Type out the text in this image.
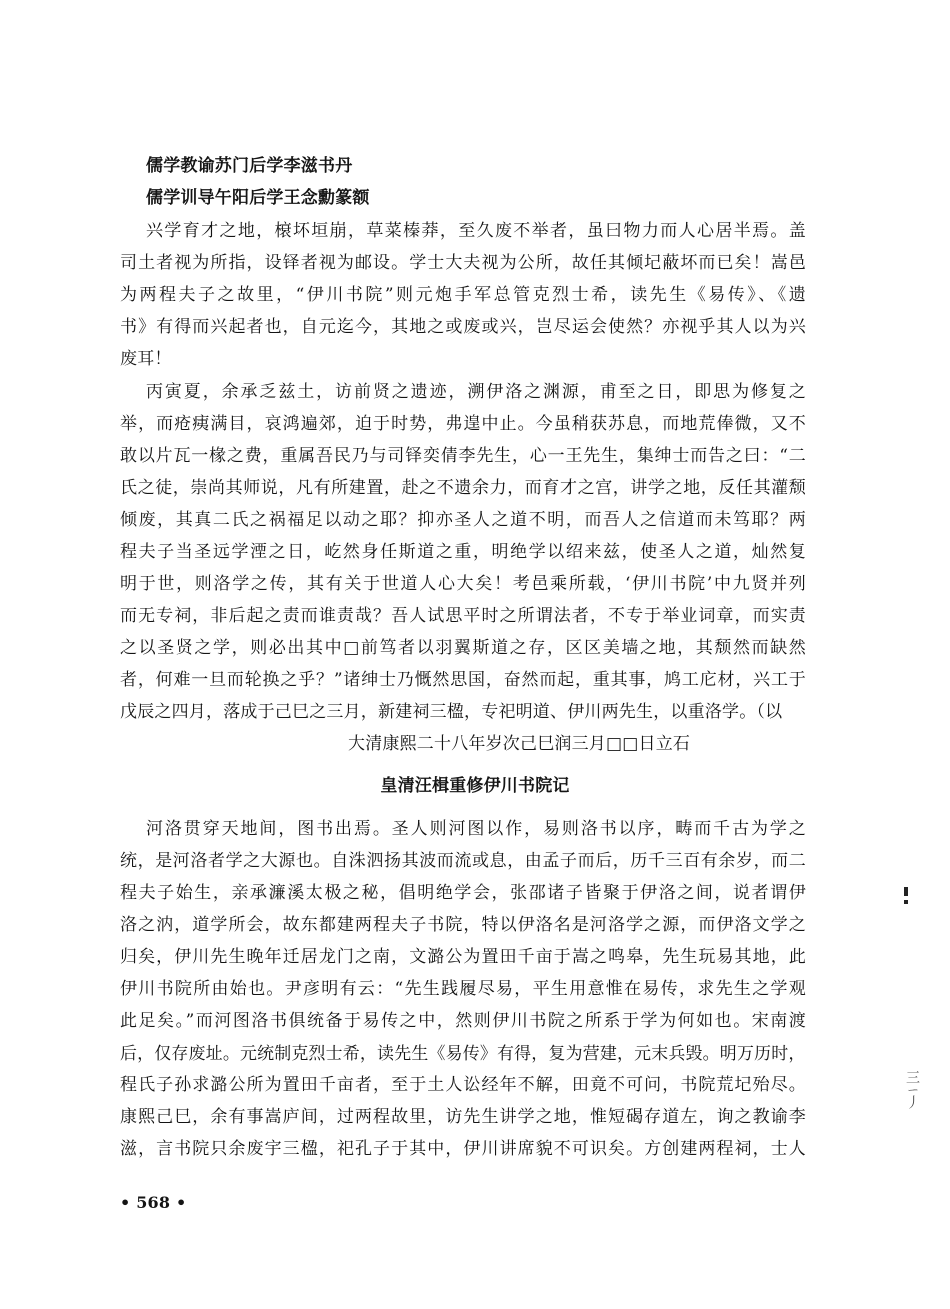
儒学教谕苏门后学李滋书丹

儒学训导午阳后学王念勳篆额

兴学育才之地，榱坏垣崩，草菜榛莽，至久废不举者，虽曰物力而人心居半焉。盖

司土者视为所指，设铎者视为邮设。学士大夫视为公所，故任其倾圮蔽坏而已矣！嵩邑

为两程夫子之故里，“伊川书院”则元炮手军总管克烈士希，读先生《易传》、《遗

书》有得而兴起者也，自元迄今，其地之或废或兴，岂尽运会使然？亦视乎其人以为兴

废耳！

丙寅夏，余承乏兹土，访前贤之遗迹，溯伊洛之渊源，甫至之日，即思为修复之

举，而疮痍满目，哀鸿遍郊，迫于时势，弗遑中止。今虽稍获苏息，而地荒俸微，又不

敢以片瓦一椽之费，重属吾民乃与司铎奕倩李先生，心一王先生，集绅士而告之曰：“二

氏之徒，崇尚其师说，凡有所建置，赴之不遗余力，而育才之宫，讲学之地，反任其灌颓

倾废，其真二氏之祸福足以动之耶？抑亦圣人之道不明，而吾人之信道而未笃耶？两

程夫子当圣远学湮之日，屹然身任斯道之重，明绝学以绍来兹，使圣人之道，灿然复

明于世，则洛学之传，其有关于世道人心大矣！考邑乘所载，‘伊川书院’中九贤并列

而无专祠，非后起之责而谁责哉？吾人试思平时之所谓法者，不专于举业词章，而实责

之以圣贤之学，则必出其中□前笃者以羽翼斯道之存，区区美墙之地，其颓然而缺然

者，何难一旦而轮换之乎？”诸绅士乃慨然思国，奋然而起，重其事，鸠工庀材，兴工于

戊辰之四月，落成于己巳之三月，新建祠三楹，专祀明道、伊川两先生，以重洛学。（以

大清康熙二十八年岁次己巳润三月□□日立石

皇清汪楫重修伊川书院记

河洛贯穿天地间，图书出焉。圣人则河图以作，易则洛书以序，畴而千古为学之

统，是河洛者学之大源也。自洙泗扬其波而流或息，由孟子而后，历千三百有余岁，而二

程夫子始生，亲承濂溪太极之秘，倡明绝学会，张邵诸子皆聚于伊洛之间，说者谓伊

洛之汭，道学所会，故东都建两程夫子书院，特以伊洛名是河洛学之源，而伊洛文学之

归矣，伊川先生晚年迁居龙门之南，文潞公为置田千亩于嵩之鸣皋，先生玩易其地，此

伊川书院所由始也。尹彦明有云：“先生践履尽易，平生用意惟在易传，求先生之学观

此足矣。”而河图洛书俱统备于易传之中，然则伊川书院之所系于学为何如也。宋南渡

后，仅存废址。元统制克烈士希，读先生《易传》有得，复为营建，元末兵毁。明万历时，

程氏子孙求潞公所为置田千亩者，至于土人讼经年不解，田竟不可问，书院荒圮殆尽。

康熙己巳，余有事嵩庐间，过两程故里，访先生讲学之地，惟短碣存道左，询之教谕李

滋，言书院只余废宇三楹，祀孔子于其中，伊川讲席貌不可识矣。方创建两程祠，士人

• 568 •

三ㄧ丿
